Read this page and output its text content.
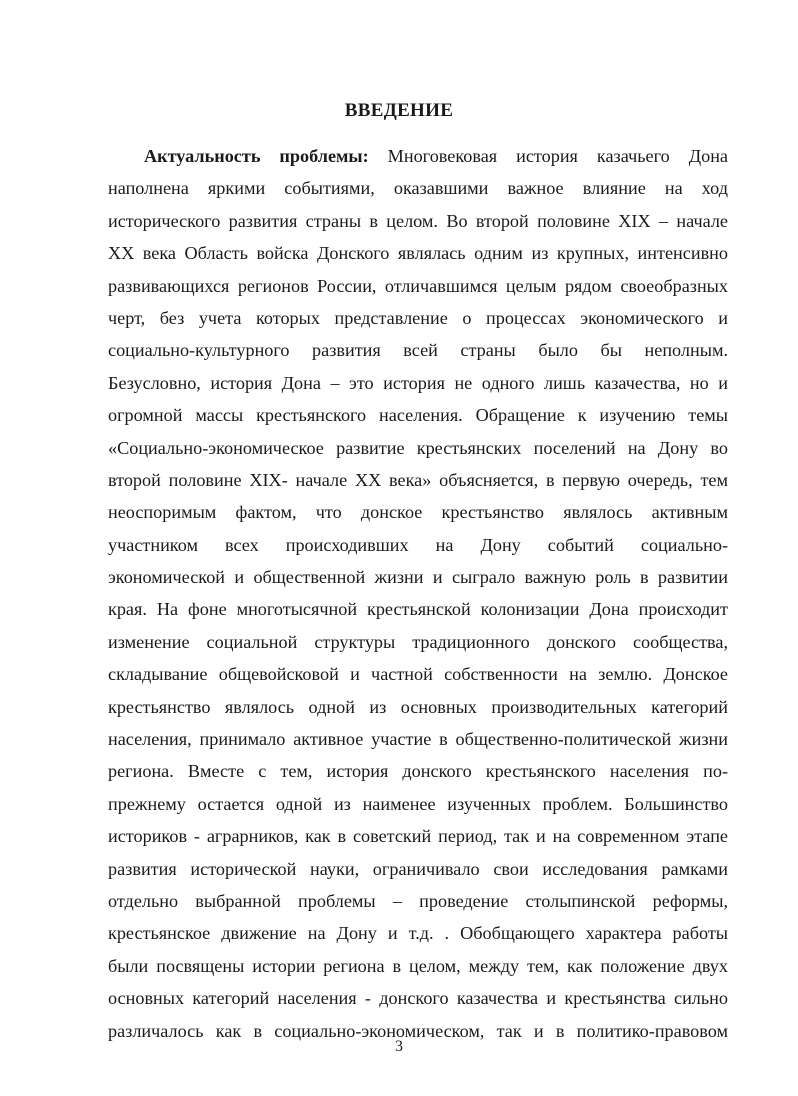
ВВЕДЕНИЕ
Актуальность проблемы: Многовековая история казачьего Дона
наполнена яркими событиями, оказавшими важное влияние на ход
исторического развития страны в целом. Во второй половине XIX – начале
XX века Область войска Донского являлась одним из крупных, интенсивно
развивающихся регионов России, отличавшимся целым рядом своеобразных
черт, без учета которых представление о процессах экономического и
социально-культурного развития всей страны было бы неполным.
Безусловно, история Дона – это история не одного лишь казачества, но и
огромной массы крестьянского населения. Обращение к изучению темы
«Социально-экономическое развитие крестьянских поселений на Дону во
второй половине XIX- начале XX века» объясняется, в первую очередь, тем
неоспоримым фактом, что донское крестьянство являлось активным
участником всех происходивших на Дону событий социально-
экономической и общественной жизни и сыграло важную роль в развитии
края. На фоне многотысячной крестьянской колонизации Дона происходит
изменение социальной структуры традиционного донского сообщества,
складывание общевойсковой и частной собственности на землю. Донское
крестьянство являлось одной из основных производительных категорий
населения, принимало активное участие в общественно-политической жизни
региона. Вместе с тем, история донского крестьянского населения по-
прежнему остается одной из наименее изученных проблем. Большинство
историков - аграрников, как в советский период, так и на современном этапе
развития исторической науки, ограничивало свои исследования рамками
отдельно выбранной проблемы – проведение столыпинской реформы,
крестьянское движение на Дону и т.д. . Обобщающего характера работы
были посвящены истории региона в целом, между тем, как положение двух
основных категорий населения - донского казачества и крестьянства сильно
различалось как в социально-экономическом, так и в политико-правовом
3
